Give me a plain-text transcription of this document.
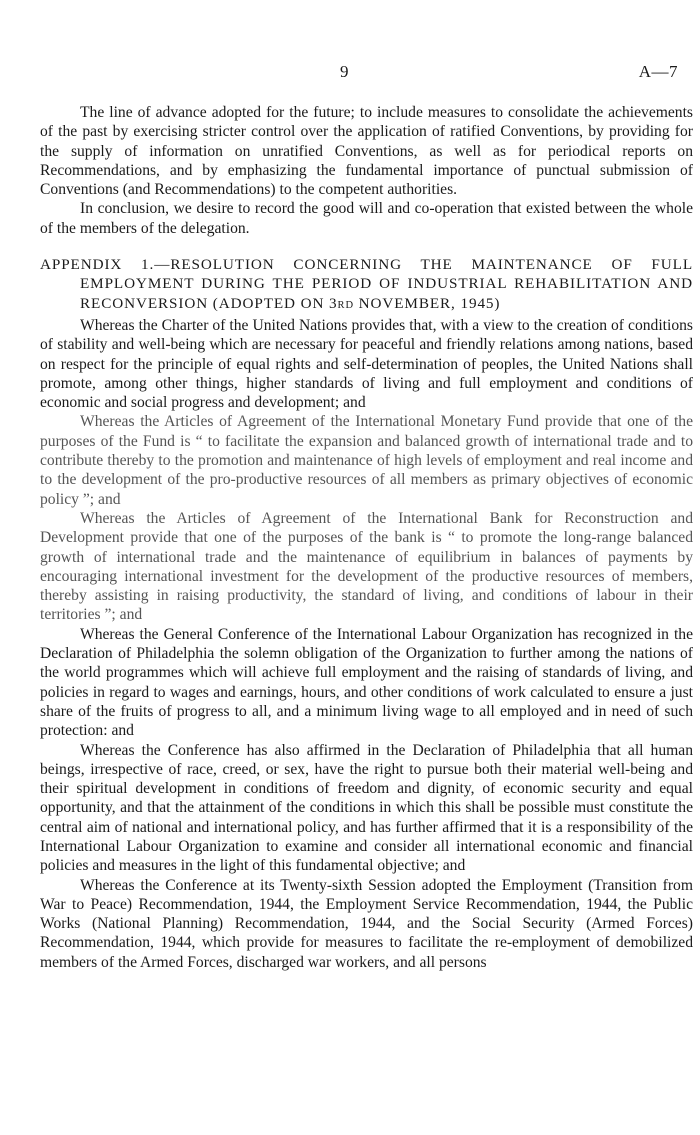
9	A—7

The line of advance adopted for the future; to include measures to consolidate the achievements of the past by exercising stricter control over the application of ratified Conventions, by providing for the supply of information on unratified Conventions, as well as for periodical reports on Recommendations, and by emphasizing the fundamental importance of punctual submission of Conventions (and Recommendations) to the competent authorities.

In conclusion, we desire to record the good will and co-operation that existed between the whole of the members of the delegation.

APPENDIX 1.—RESOLUTION CONCERNING THE MAINTENANCE OF FULL EMPLOYMENT DURING THE PERIOD OF INDUSTRIAL REHABILITATION AND RECONVERSION (ADOPTED ON 3RD NOVEMBER, 1945)

Whereas the Charter of the United Nations provides that, with a view to the creation of conditions of stability and well-being which are necessary for peaceful and friendly relations among nations, based on respect for the principle of equal rights and self-determination of peoples, the United Nations shall promote, among other things, higher standards of living and full employment and conditions of economic and social progress and development; and

Whereas the Articles of Agreement of the International Monetary Fund provide that one of the purposes of the Fund is “ to facilitate the expansion and balanced growth of international trade and to contribute thereby to the promotion and maintenance of high levels of employment and real income and to the development of the pro-productive resources of all members as primary objectives of economic policy ”; and

Whereas the Articles of Agreement of the International Bank for Reconstruction and Development provide that one of the purposes of the bank is “ to promote the long-range balanced growth of international trade and the maintenance of equilibrium in balances of payments by encouraging international investment for the development of the productive resources of members, thereby assisting in raising productivity, the standard of living, and conditions of labour in their territories ”; and

Whereas the General Conference of the International Labour Organization has recognized in the Declaration of Philadelphia the solemn obligation of the Organization to further among the nations of the world programmes which will achieve full employment and the raising of standards of living, and policies in regard to wages and earnings, hours, and other conditions of work calculated to ensure a just share of the fruits of progress to all, and a minimum living wage to all employed and in need of such protection: and

Whereas the Conference has also affirmed in the Declaration of Philadelphia that all human beings, irrespective of race, creed, or sex, have the right to pursue both their material well-being and their spiritual development in conditions of freedom and dignity, of economic security and equal opportunity, and that the attainment of the conditions in which this shall be possible must constitute the central aim of national and international policy, and has further affirmed that it is a responsibility of the International Labour Organization to examine and consider all international economic and financial policies and measures in the light of this fundamental objective; and

Whereas the Conference at its Twenty-sixth Session adopted the Employment (Transition from War to Peace) Recommendation, 1944, the Employment Service Recommendation, 1944, the Public Works (National Planning) Recommendation, 1944, and the Social Security (Armed Forces) Recommendation, 1944, which provide for measures to facilitate the re-employment of demobilized members of the Armed Forces, discharged war workers, and all persons
